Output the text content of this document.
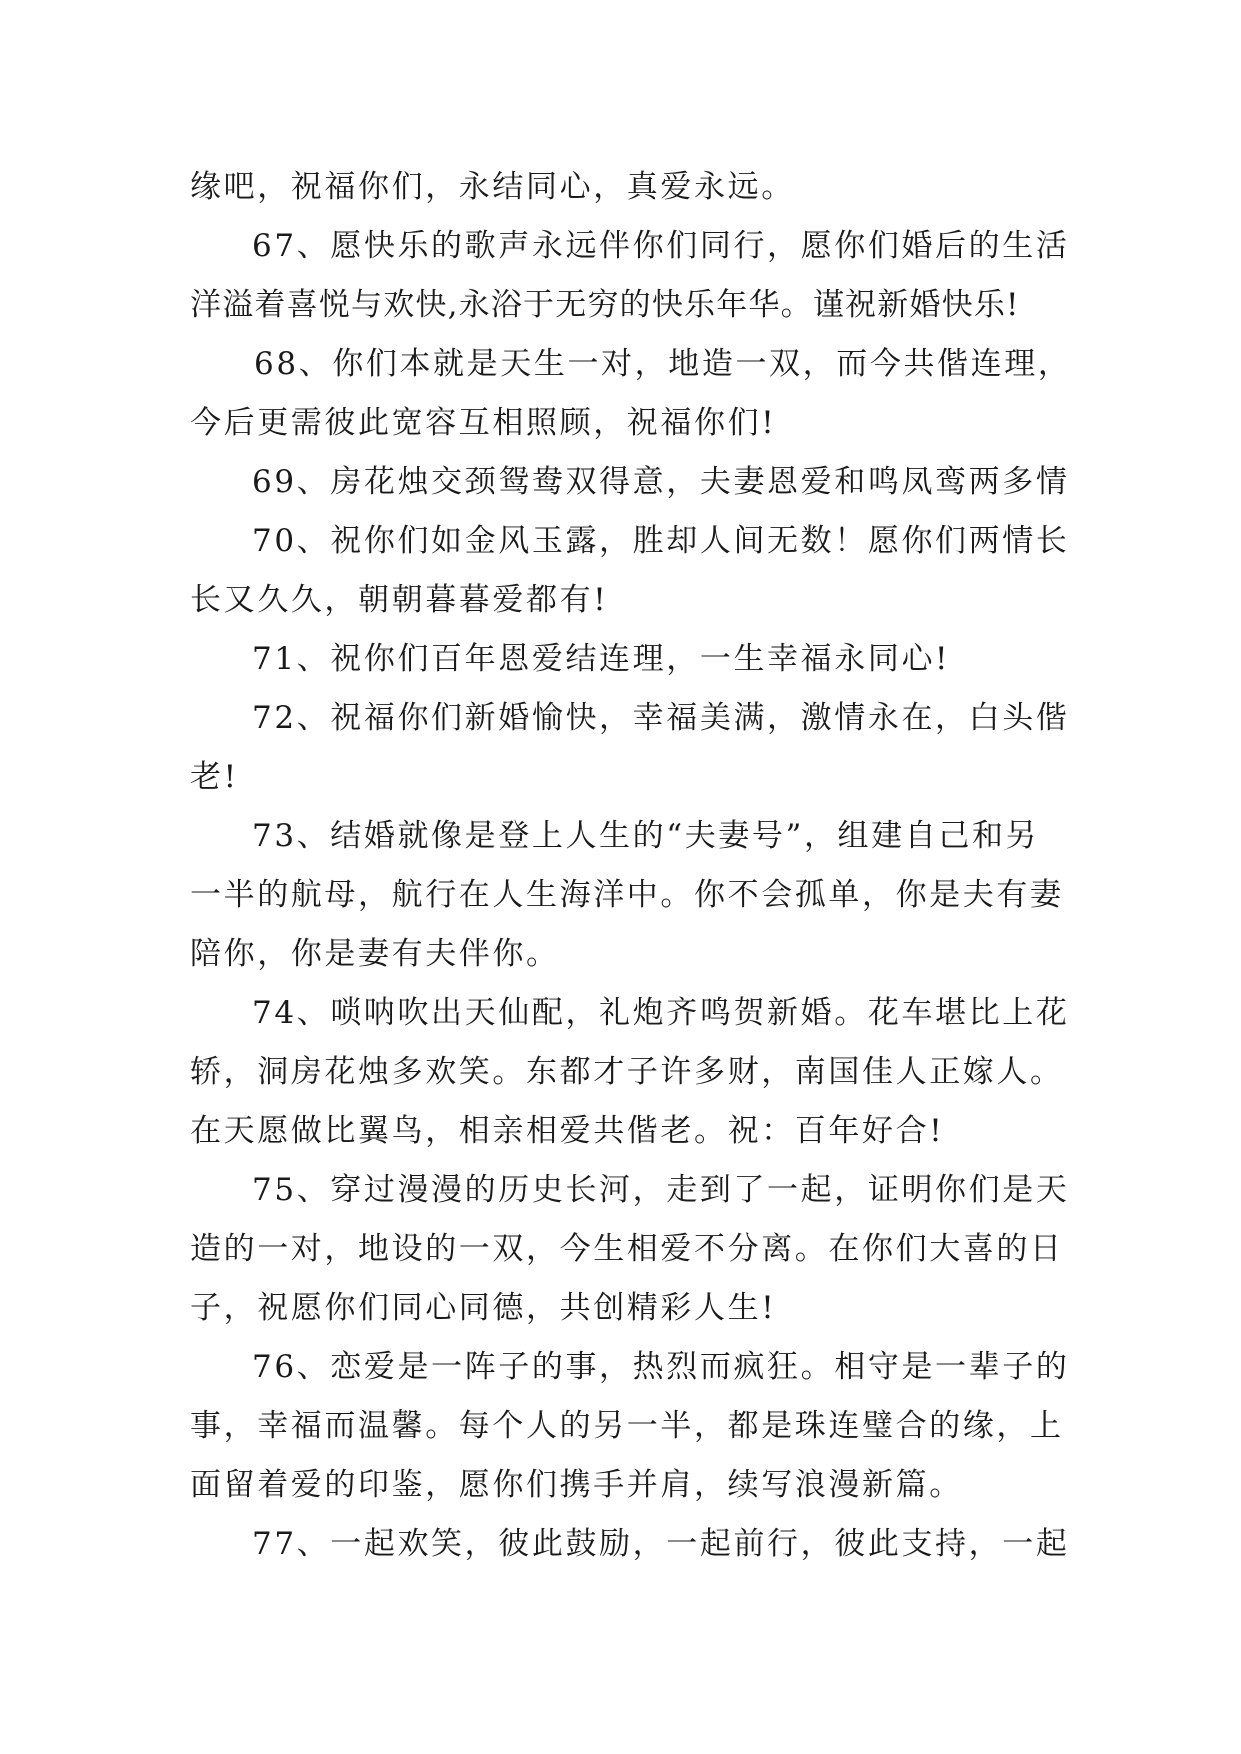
缘吧，祝福你们，永结同心，真爱永远。
67、愿快乐的歌声永远伴你们同行，愿你们婚后的生活
洋溢着喜悦与欢快,永浴于无穷的快乐年华。谨祝新婚快乐!
68、你们本就是天生一对，地造一双，而今共偕连理，
今后更需彼此宽容互相照顾，祝福你们!
69、房花烛交颈鸳鸯双得意，夫妻恩爱和鸣凤鸾两多情
70、祝你们如金风玉露，胜却人间无数！愿你们两情长
长又久久，朝朝暮暮爱都有!
71、祝你们百年恩爱结连理，一生幸福永同心!
72、祝福你们新婚愉快，幸福美满，激情永在，白头偕
老!
73、结婚就像是登上人生的“夫妻号”，组建自己和另
一半的航母，航行在人生海洋中。你不会孤单，你是夫有妻
陪你，你是妻有夫伴你。
74、唢呐吹出天仙配，礼炮齐鸣贺新婚。花车堪比上花
轿，洞房花烛多欢笑。东都才子许多财，南国佳人正嫁人。
在天愿做比翼鸟，相亲相爱共偕老。祝：百年好合!
75、穿过漫漫的历史长河，走到了一起，证明你们是天
造的一对，地设的一双，今生相爱不分离。在你们大喜的日
子，祝愿你们同心同德，共创精彩人生!
76、恋爱是一阵子的事，热烈而疯狂。相守是一辈子的
事，幸福而温馨。每个人的另一半，都是珠连璧合的缘，上
面留着爱的印鉴，愿你们携手并肩，续写浪漫新篇。
77、一起欢笑，彼此鼓励，一起前行，彼此支持，一起
